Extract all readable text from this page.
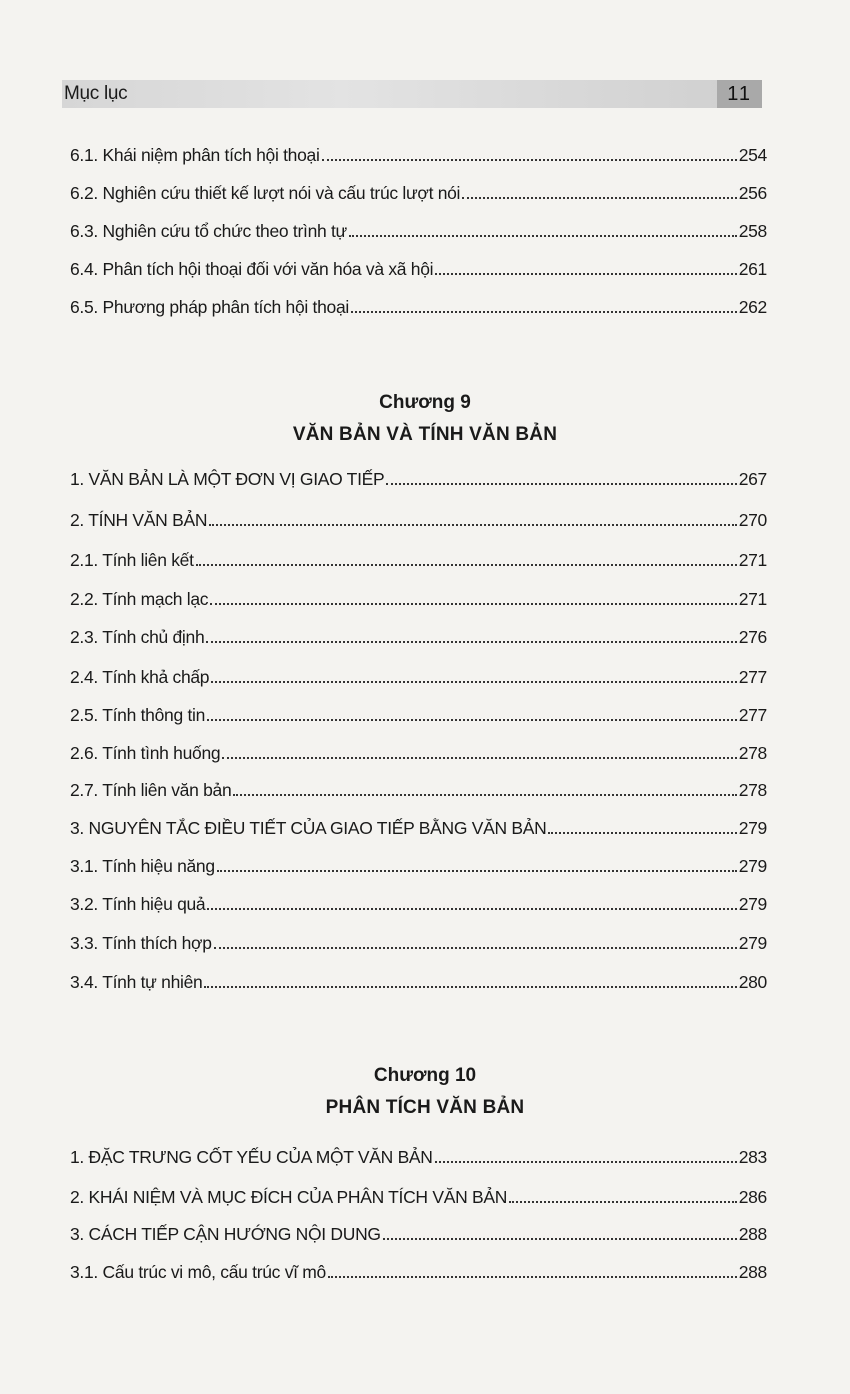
Mục lục	11
6.1. Khái niệm phân tích hội thoại	254
6.2. Nghiên cứu thiết kế lượt nói và cấu trúc lượt nói	256
6.3. Nghiên cứu tổ chức theo trình tự	258
6.4. Phân tích hội thoại đối với văn hóa và xã hội	261
6.5. Phương pháp phân tích hội thoại	262
Chương 9
VĂN BẢN VÀ TÍNH VĂN BẢN
1. VĂN BẢN LÀ MỘT ĐƠN VỊ GIAO TIẾP	267
2. TÍNH VĂN BẢN	270
2.1. Tính liên kết	271
2.2. Tính mạch lạc	271
2.3. Tính chủ định	276
2.4. Tính khả chấp	277
2.5. Tính thông tin	277
2.6. Tính tình huống	278
2.7. Tính liên văn bản	278
3. NGUYÊN TẮC ĐIỀU TIẾT CỦA GIAO TIẾP BẰNG VĂN BẢN	279
3.1. Tính hiệu năng	279
3.2. Tính hiệu quả	279
3.3. Tính thích hợp	279
3.4. Tính tự nhiên	280
Chương 10
PHÂN TÍCH VĂN BẢN
1. ĐẶC TRƯNG CỐT YẾU CỦA MỘT VĂN BẢN	283
2. KHÁI NIỆM VÀ MỤC ĐÍCH CỦA PHÂN TÍCH VĂN BẢN	286
3. CÁCH TIẾP CẬN HƯỚNG NỘI DUNG	288
3.1. Cấu trúc vi mô, cấu trúc vĩ mô	288
